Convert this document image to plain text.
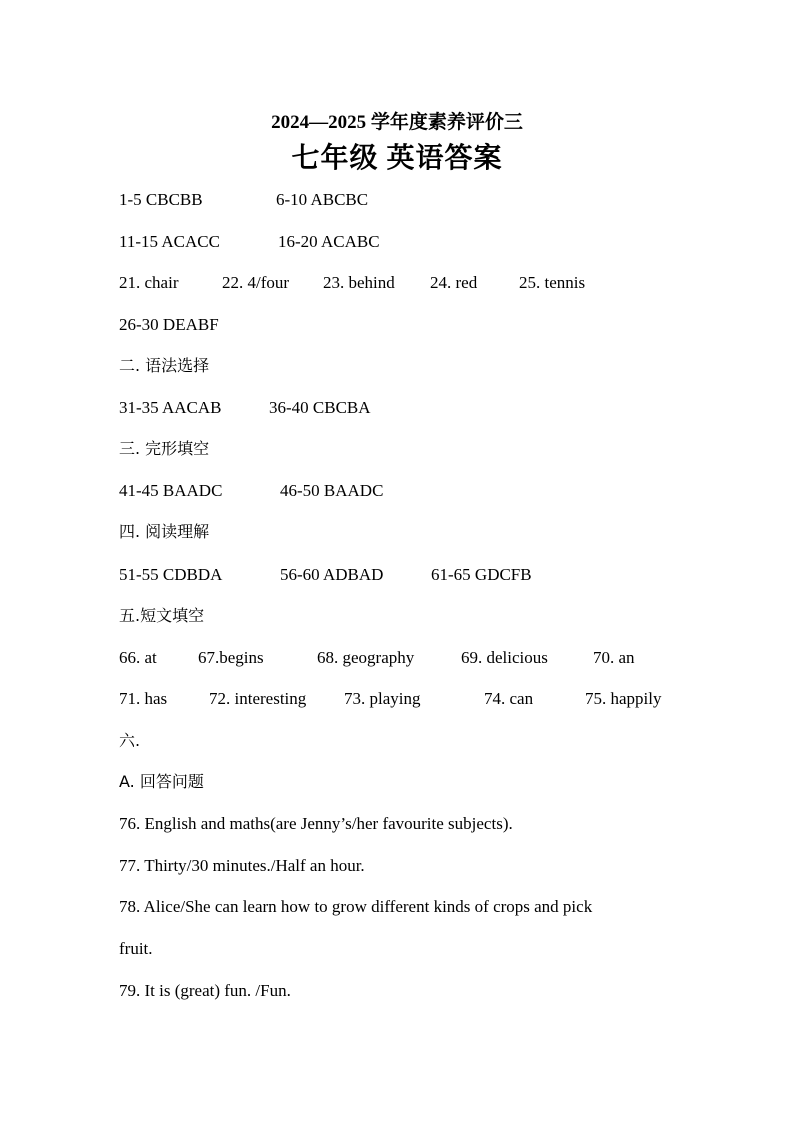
2024—2025 学年度素养评价三
七年级 英语答案
1-5 CBCBB	6-10 ABCBC
11-15 ACACC	16-20 ACABC
21. chair	22. 4/four 23. behind 24. red 25. tennis
26-30 DEABF
二. 语法选择
31-35 AACAB	36-40 CBCBA
三. 完形填空
41-45 BAADC	46-50 BAADC
四. 阅读理解
51-55 CDBDA	56-60 ADBAD	61-65 GDCFB
五.短文填空
66. at 67.begins	68. geography	69. delicious	70. an
71. has 72. interesting 73. playing	74. can	75. happily
六.
A. 回答问题
76. English and maths(are Jenny’s/her favourite subjects).
77. Thirty/30 minutes./Half an hour.
78. Alice/She can learn how to grow different kinds of crops and pick
fruit.
79. It is (great) fun. /Fun.
